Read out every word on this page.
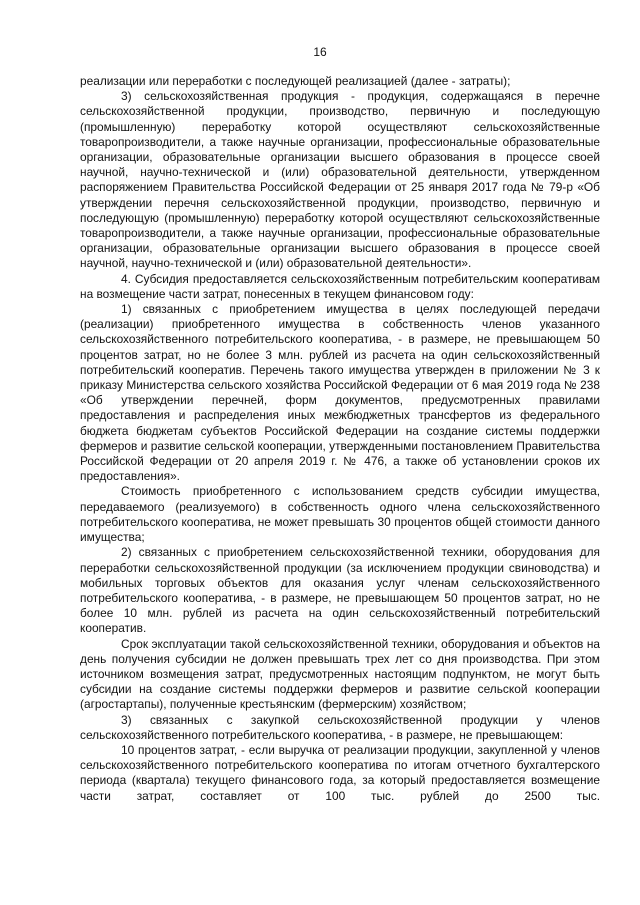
16

реализации или переработки с последующей реализацией (далее - затраты);

3) сельскохозяйственная продукция - продукция, содержащаяся в перечне сельскохозяйственной продукции, производство, первичную и последующую (промышленную) переработку которой осуществляют сельскохозяйственные товаропроизводители, а также научные организации, профессиональные образовательные организации, образовательные организации высшего образования в процессе своей научной, научно-технической и (или) образовательной деятельности, утвержденном распоряжением Правительства Российской Федерации от 25 января 2017 года № 79-р «Об утверждении перечня сельскохозяйственной продукции, производство, первичную и последующую (промышленную) переработку которой осуществляют сельскохозяйственные товаропроизводители, а также научные организации, профессиональные образовательные организации, образовательные организации высшего образования в процессе своей научной, научно-технической и (или) образовательной деятельности».

4. Субсидия предоставляется сельскохозяйственным потребительским кооперативам на возмещение части затрат, понесенных в текущем финансовом году:

1) связанных с приобретением имущества в целях последующей передачи (реализации) приобретенного имущества в собственность членов указанного сельскохозяйственного потребительского кооператива, - в размере, не превышающем 50 процентов затрат, но не более 3 млн. рублей из расчета на один сельскохозяйственный потребительский кооператив. Перечень такого имущества утвержден в приложении № 3 к приказу Министерства сельского хозяйства Российской Федерации от 6 мая 2019 года № 238 «Об утверждении перечней, форм документов, предусмотренных правилами предоставления и распределения иных межбюджетных трансфертов из федерального бюджета бюджетам субъектов Российской Федерации на создание системы поддержки фермеров и развитие сельской кооперации, утвержденными постановлением Правительства Российской Федерации от 20 апреля 2019 г. № 476, а также об установлении сроков их предоставления».

Стоимость приобретенного с использованием средств субсидии имущества, передаваемого (реализуемого) в собственность одного члена сельскохозяйственного потребительского кооператива, не может превышать 30 процентов общей стоимости данного имущества;

2) связанных с приобретением сельскохозяйственной техники, оборудования для переработки сельскохозяйственной продукции (за исключением продукции свиноводства) и мобильных торговых объектов для оказания услуг членам сельскохозяйственного потребительского кооператива, - в размере, не превышающем 50 процентов затрат, но не более 10 млн. рублей из расчета на один сельскохозяйственный потребительский кооператив.

Срок эксплуатации такой сельскохозяйственной техники, оборудования и объектов на день получения субсидии не должен превышать трех лет со дня производства. При этом источником возмещения затрат, предусмотренных настоящим подпунктом, не могут быть субсидии на создание системы поддержки фермеров и развитие сельской кооперации (агростартапы), полученные крестьянским (фермерским) хозяйством;

3) связанных с закупкой сельскохозяйственной продукции у членов сельскохозяйственного потребительского кооператива, - в размере, не превышающем:

10 процентов затрат, - если выручка от реализации продукции, закупленной у членов сельскохозяйственного потребительского кооператива по итогам отчетного бухгалтерского периода (квартала) текущего финансового года, за который предоставляется возмещение части затрат, составляет от 100 тыс. рублей до 2500 тыс.
